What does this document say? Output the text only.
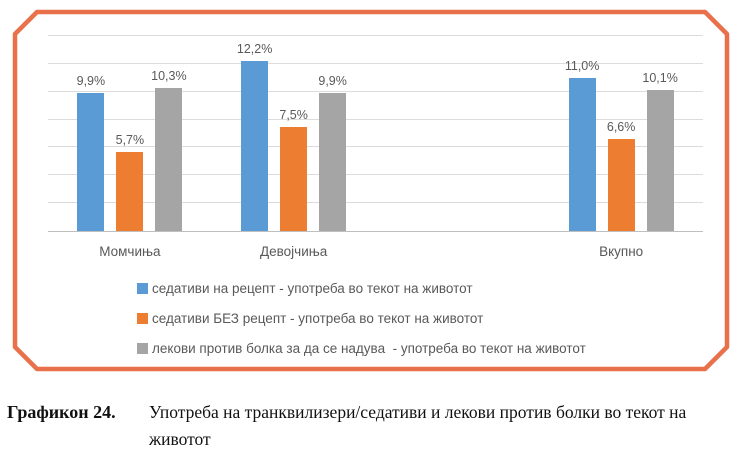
9,9%
5,7%
10,3%
12,2%
7,5%
9,9%
11,0%
6,6%
10,1%
Момчиња	Девојчиња	Вкупно
седативи на рецепт - употреба во текот на животот
седативи БЕЗ рецепт - употреба во текот на животот
лекови против болка за да се надува  - употреба во текот на животот
Графикон 24. Употреба на транквилизери/седативи и лекови против болки во текот на животот
